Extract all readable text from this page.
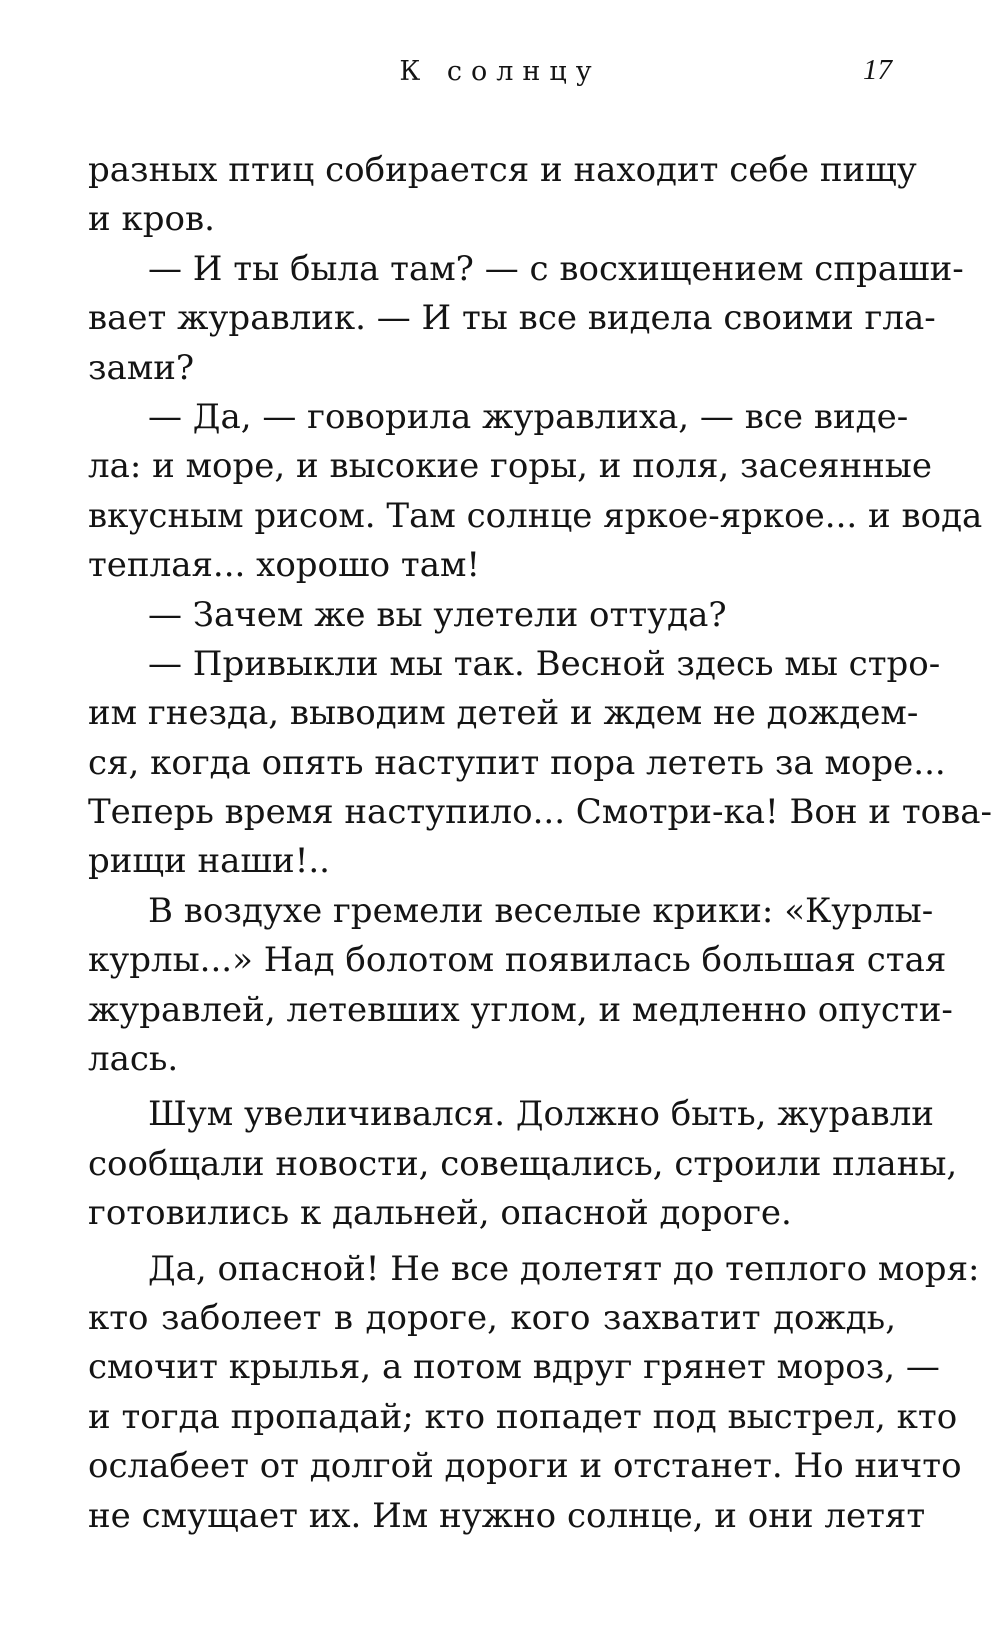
К солнцу	17
разных птиц собирается и находит себе пищу
и кров.
— И ты была там? — с восхищением спраши-
вает журавлик. — И ты все видела своими гла-
зами?
— Да, — говорила журавлиха, — все виде-
ла: и море, и высокие горы, и поля, засеянные
вкусным рисом. Там солнце яркое-яркое... и вода
теплая... хорошо там!
— Зачем же вы улетели оттуда?
— Привыкли мы так. Весной здесь мы стро-
им гнезда, выводим детей и ждем не дождем-
ся, когда опять наступит пора лететь за море...
Теперь время наступило... Смотри-ка! Вон и това-
рищи наши!..
В воздухе гремели веселые крики: «Курлы-
курлы...» Над болотом появилась большая стая
журавлей, летевших углом, и медленно опусти-
лась.
Шум увеличивался. Должно быть, журавли
сообщали новости, совещались, строили планы,
готовились к дальней, опасной дороге.
Да, опасной! Не все долетят до теплого моря:
кто заболеет в дороге, кого захватит дождь,
смочит крылья, а потом вдруг грянет мороз, —
и тогда пропадай; кто попадет под выстрел, кто
ослабеет от долгой дороги и отстанет. Но ничто
не смущает их. Им нужно солнце, и они летят
